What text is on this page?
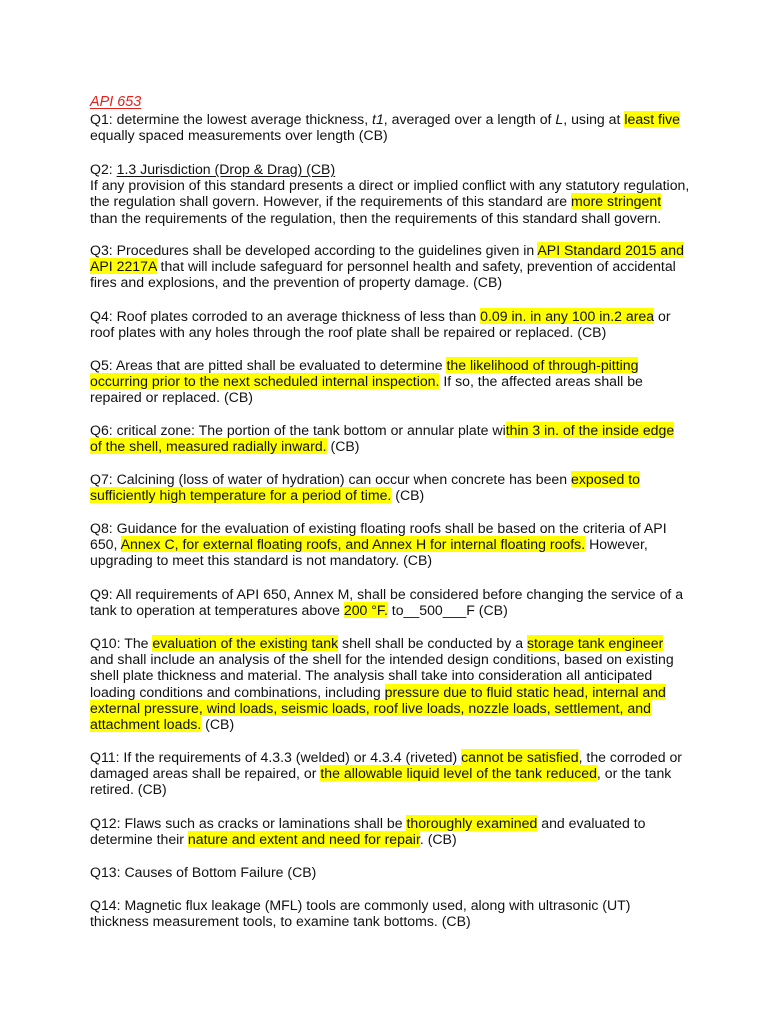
API 653
Q1: determine the lowest average thickness, t1, averaged over a length of L, using at least five
equally spaced measurements over length (CB)
Q2: 1.3 Jurisdiction (Drop & Drag) (CB)
If any provision of this standard presents a direct or implied conflict with any statutory regulation,
the regulation shall govern. However, if the requirements of this standard are more stringent
than the requirements of the regulation, then the requirements of this standard shall govern.
Q3: Procedures shall be developed according to the guidelines given in API Standard 2015 and
API 2217A that will include safeguard for personnel health and safety, prevention of accidental
fires and explosions, and the prevention of property damage. (CB)
Q4: Roof plates corroded to an average thickness of less than 0.09 in. in any 100 in.2 area or
roof plates with any holes through the roof plate shall be repaired or replaced. (CB)
Q5: Areas that are pitted shall be evaluated to determine the likelihood of through-pitting
occurring prior to the next scheduled internal inspection. If so, the affected areas shall be
repaired or replaced. (CB)
Q6: critical zone: The portion of the tank bottom or annular plate within 3 in. of the inside edge
of the shell, measured radially inward. (CB)
Q7: Calcining (loss of water of hydration) can occur when concrete has been exposed to
sufficiently high temperature for a period of time. (CB)
Q8: Guidance for the evaluation of existing floating roofs shall be based on the criteria of API
650, Annex C, for external floating roofs, and Annex H for internal floating roofs. However,
upgrading to meet this standard is not mandatory. (CB)
Q9: All requirements of API 650, Annex M, shall be considered before changing the service of a
tank to operation at temperatures above 200 °F. to__500___F (CB)
Q10: The evaluation of the existing tank shell shall be conducted by a storage tank engineer
and shall include an analysis of the shell for the intended design conditions, based on existing
shell plate thickness and material. The analysis shall take into consideration all anticipated
loading conditions and combinations, including pressure due to fluid static head, internal and
external pressure, wind loads, seismic loads, roof live loads, nozzle loads, settlement, and
attachment loads. (CB)
Q11: If the requirements of 4.3.3 (welded) or 4.3.4 (riveted) cannot be satisfied, the corroded or
damaged areas shall be repaired, or the allowable liquid level of the tank reduced, or the tank
retired. (CB)
Q12: Flaws such as cracks or laminations shall be thoroughly examined and evaluated to
determine their nature and extent and need for repair. (CB)
Q13: Causes of Bottom Failure (CB)
Q14: Magnetic flux leakage (MFL) tools are commonly used, along with ultrasonic (UT)
thickness measurement tools, to examine tank bottoms. (CB)
